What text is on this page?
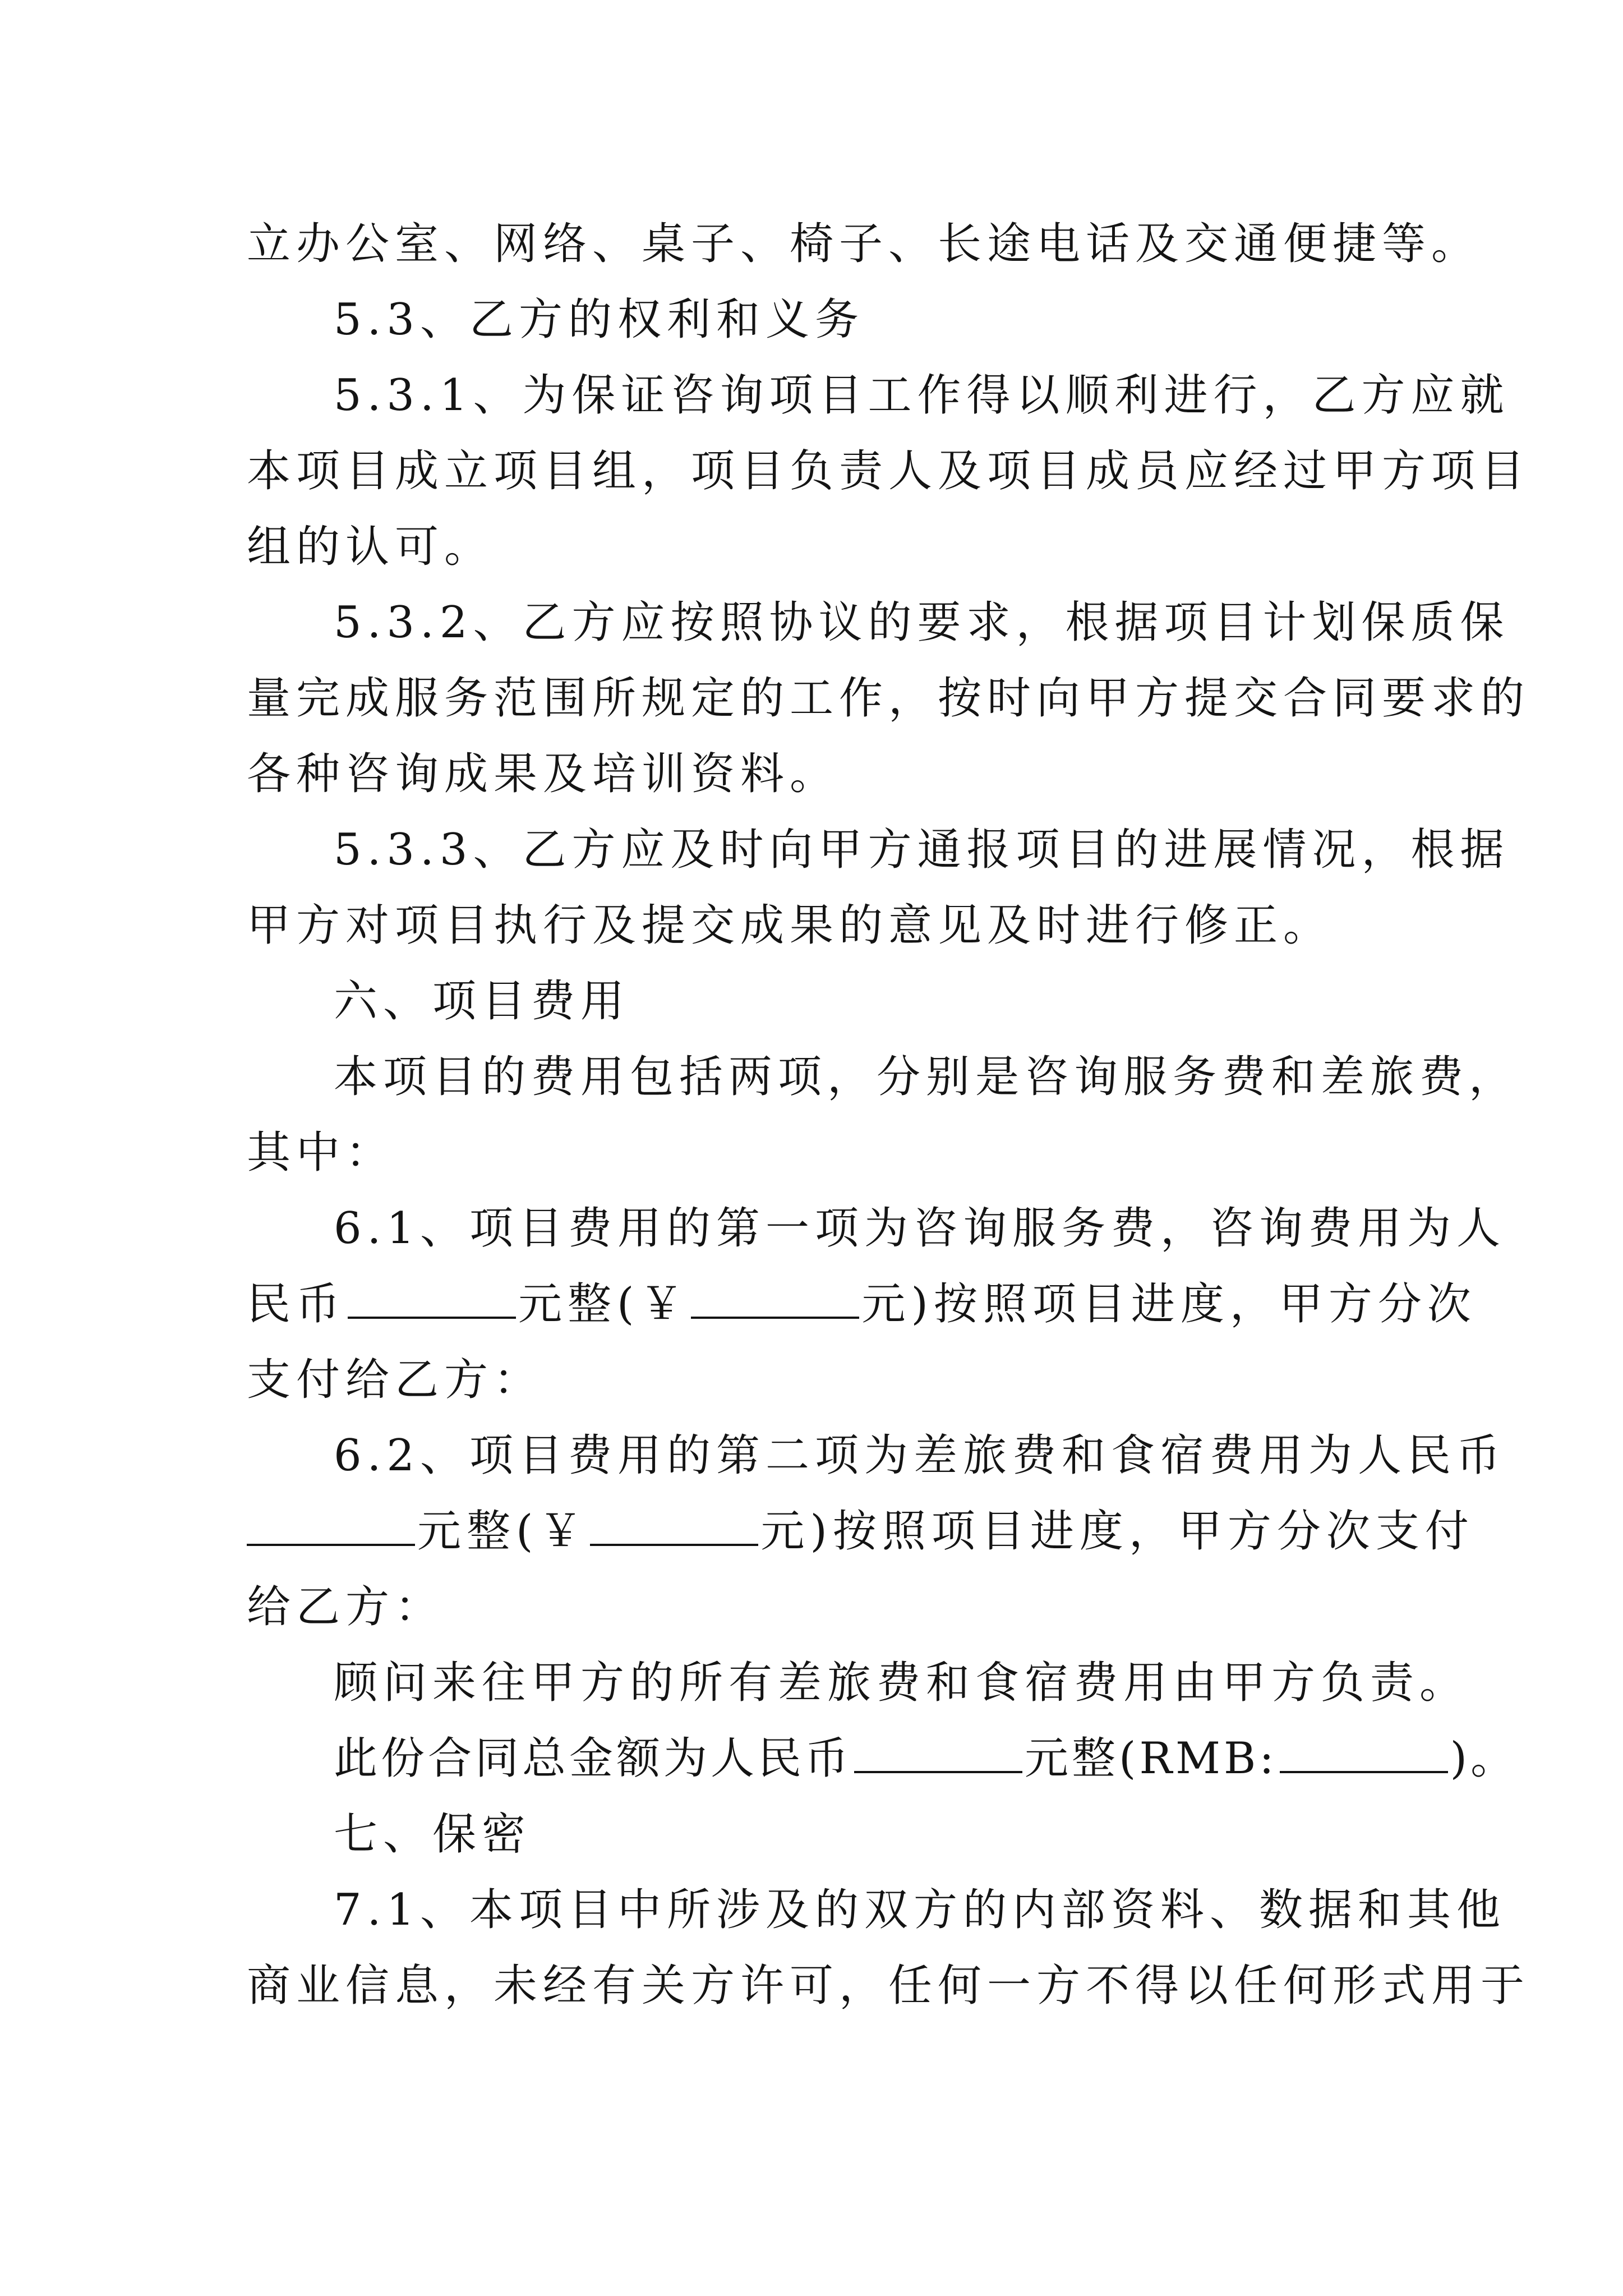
立办公室、网络、桌子、椅子、长途电话及交通便捷等。
5.3、乙方的权利和义务
5.3.1、为保证咨询项目工作得以顺利进行，乙方应就
本项目成立项目组，项目负责人及项目成员应经过甲方项目
组的认可。
5.3.2、乙方应按照协议的要求，根据项目计划保质保
量完成服务范围所规定的工作，按时向甲方提交合同要求的
各种咨询成果及培训资料。
5.3.3、乙方应及时向甲方通报项目的进展情况，根据
甲方对项目执行及提交成果的意见及时进行修正。
六、项目费用
本项目的费用包括两项，分别是咨询服务费和差旅费，
其中：
6.1、项目费用的第一项为咨询服务费，咨询费用为人
民币	元整(￥	元)按照项目进度，甲方分次
支付给乙方：
6.2、项目费用的第二项为差旅费和食宿费用为人民币
元整(￥	元)按照项目进度，甲方分次支付
给乙方：
顾问来往甲方的所有差旅费和食宿费用由甲方负责。
此份合同总金额为人民币	元整(RMB:	)。
七、保密
7.1、本项目中所涉及的双方的内部资料、数据和其他
商业信息，未经有关方许可，任何一方不得以任何形式用于
